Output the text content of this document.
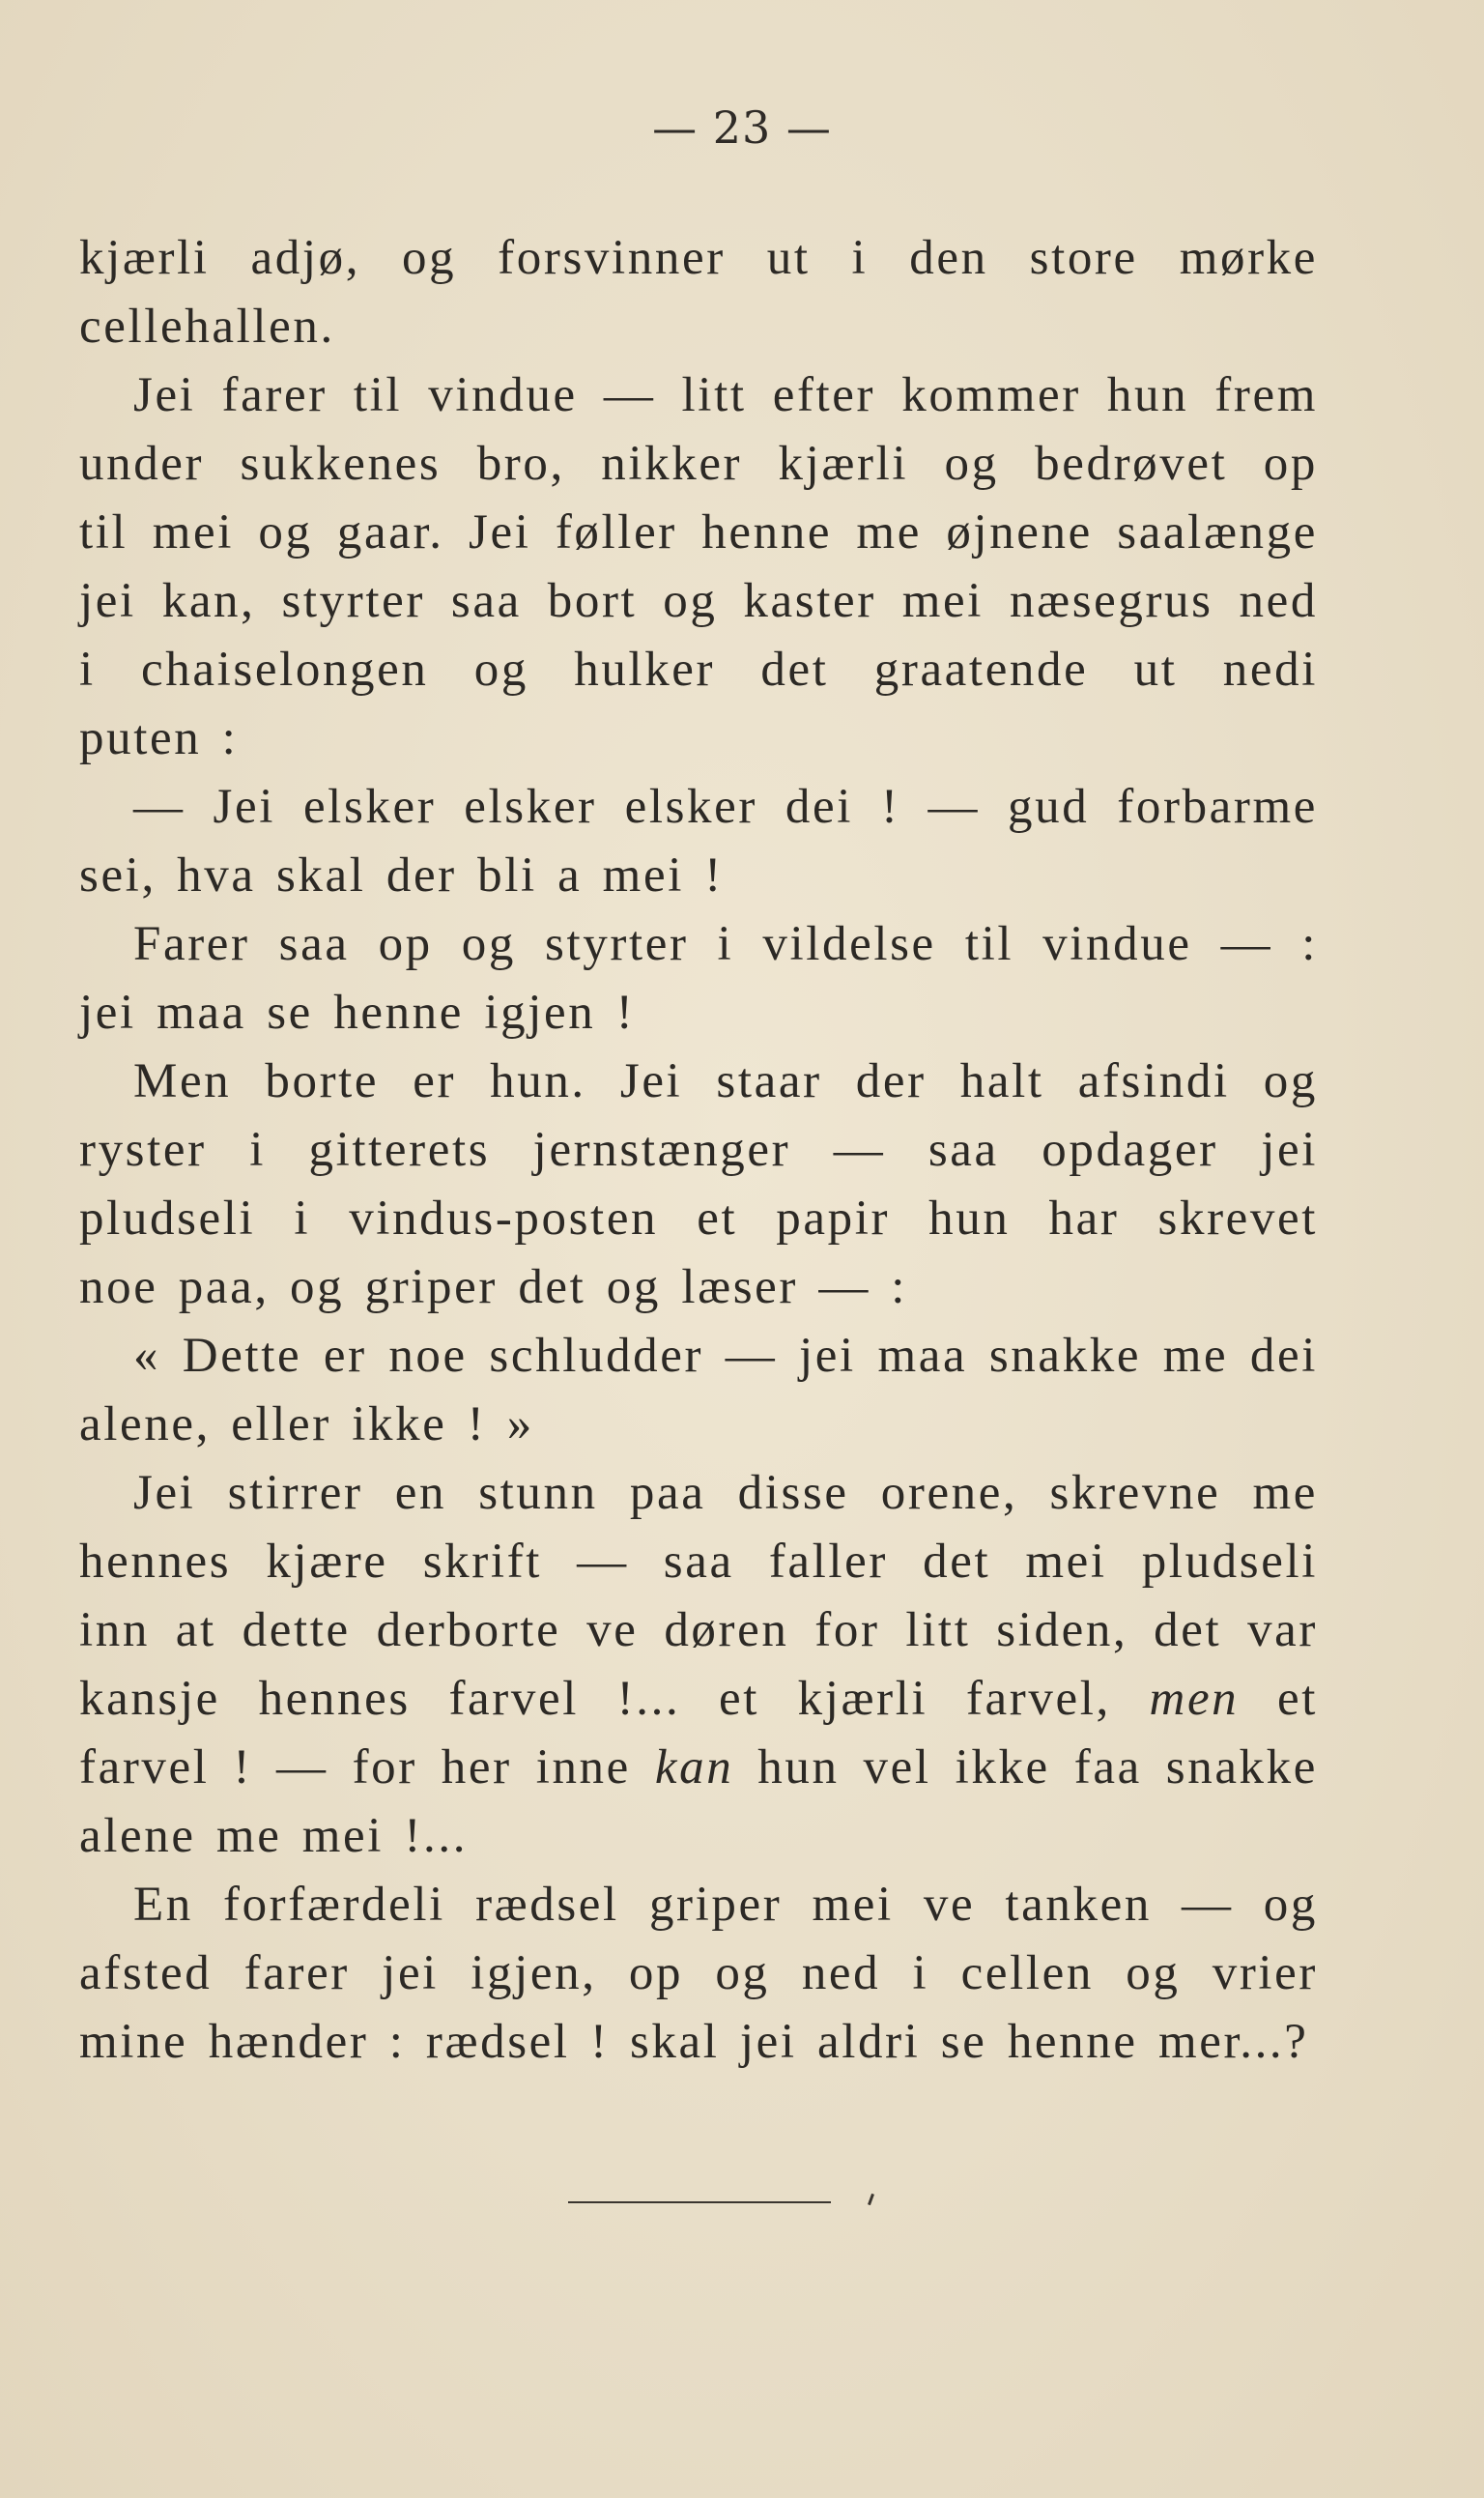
— 23 —
kjærli adjø, og forsvinner ut i den store mørke
cellehallen.
Jei farer til vindue — litt efter kommer hun frem
under sukkenes bro, nikker kjærli og bedrøvet op
til mei og gaar. Jei føller henne me øjnene saalænge
jei kan, styrter saa bort og kaster mei næsegrus ned
i chaiselongen og hulker det graatende ut nedi
puten :
— Jei elsker elsker elsker dei ! — gud forbarme
sei, hva skal der bli a mei !
Farer saa op og styrter i vildelse til vindue — :
jei maa se henne igjen !
Men borte er hun. Jei staar der halt afsindi og
ryster i gitterets jernstænger — saa opdager jei
pludseli i vindus-posten et papir hun har skrevet
noe paa, og griper det og læser — :
« Dette er noe schludder — jei maa snakke me dei
alene, eller ikke ! »
Jei stirrer en stunn paa disse orene, skrevne me
hennes kjære skrift — saa faller det mei pludseli
inn at dette derborte ve døren for litt siden, det var
kansje hennes farvel !... et kjærli farvel, men et
farvel ! — for her inne kan hun vel ikke faa snakke
alene me mei !...
En forfærdeli rædsel griper mei ve tanken — og
afsted farer jei igjen, op og ned i cellen og vrier
mine hænder : rædsel ! skal jei aldri se henne mer...?
